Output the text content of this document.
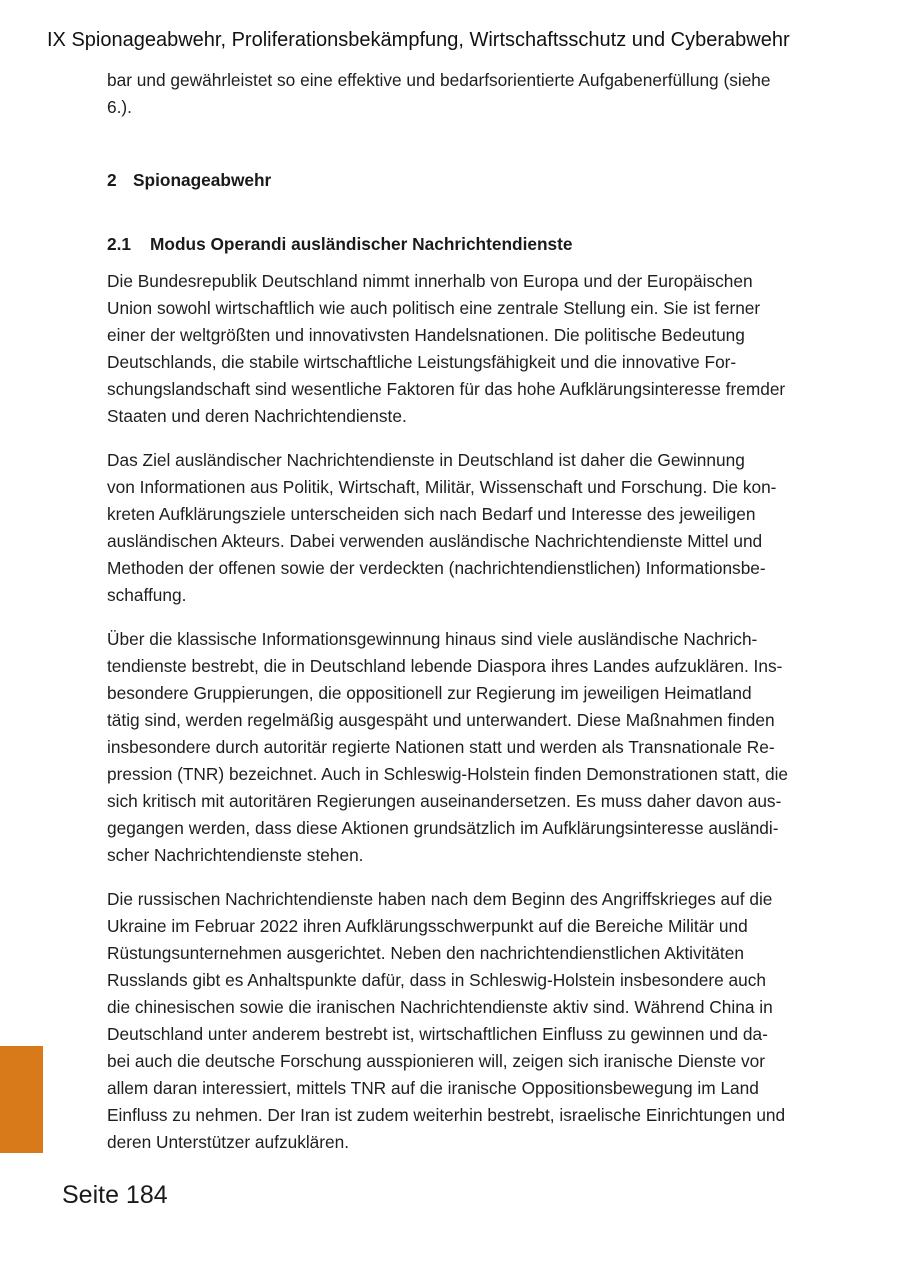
IX Spionageabwehr, Proliferationsbekämpfung, Wirtschaftsschutz und Cyberabwehr

bar und gewährleistet so eine effektive und bedarfsorientierte Aufgabenerfüllung (siehe
6.).

2 Spionageabwehr
2.1 Modus Operandi ausländischer Nachrichtendienste

Die Bundesrepublik Deutschland nimmt innerhalb von Europa und der Europäischen
Union sowohl wirtschaftlich wie auch politisch eine zentrale Stellung ein. Sie ist ferner
einer der weltgrößten und innovativsten Handelsnationen. Die politische Bedeutung
Deutschlands, die stabile wirtschaftliche Leistungsfähigkeit und die innovative For-
schungslandschaft sind wesentliche Faktoren für das hohe Aufklärungsinteresse fremder
Staaten und deren Nachrichtendienste.

Das Ziel ausländischer Nachrichtendienste in Deutschland ist daher die Gewinnung
von Informationen aus Politik, Wirtschaft, Militär, Wissenschaft und Forschung. Die kon-
kreten Aufklärungsziele unterscheiden sich nach Bedarf und Interesse des jeweiligen
ausländischen Akteurs. Dabei verwenden ausländische Nachrichtendienste Mittel und
Methoden der offenen sowie der verdeckten (nachrichtendienstlichen) Informationsbe-
schaffung.

Über die klassische Informationsgewinnung hinaus sind viele ausländische Nachrich-
tendienste bestrebt, die in Deutschland lebende Diaspora ihres Landes aufzuklären. Ins-
besondere Gruppierungen, die oppositionell zur Regierung im jeweiligen Heimatland
tätig sind, werden regelmäßig ausgespäht und unterwandert. Diese Maßnahmen finden
insbesondere durch autoritär regierte Nationen statt und werden als Transnationale Re-
pression (TNR) bezeichnet. Auch in Schleswig-Holstein finden Demonstrationen statt, die
sich kritisch mit autoritären Regierungen auseinandersetzen. Es muss daher davon aus-
gegangen werden, dass diese Aktionen grundsätzlich im Aufklärungsinteresse ausländi-
scher Nachrichtendienste stehen.

Die russischen Nachrichtendienste haben nach dem Beginn des Angriffskrieges auf die
Ukraine im Februar 2022 ihren Aufklärungsschwerpunkt auf die Bereiche Militär und
Rüstungsunternehmen ausgerichtet. Neben den nachrichtendienstlichen Aktivitäten
Russlands gibt es Anhaltspunkte dafür, dass in Schleswig-Holstein insbesondere auch
die chinesischen sowie die iranischen Nachrichtendienste aktiv sind. Während China in
Deutschland unter anderem bestrebt ist, wirtschaftlichen Einfluss zu gewinnen und da-
bei auch die deutsche Forschung ausspionieren will, zeigen sich iranische Dienste vor
allem daran interessiert, mittels TNR auf die iranische Oppositionsbewegung im Land
Einfluss zu nehmen. Der Iran ist zudem weiterhin bestrebt, israelische Einrichtungen und
deren Unterstützer aufzuklären.

Seite 184
